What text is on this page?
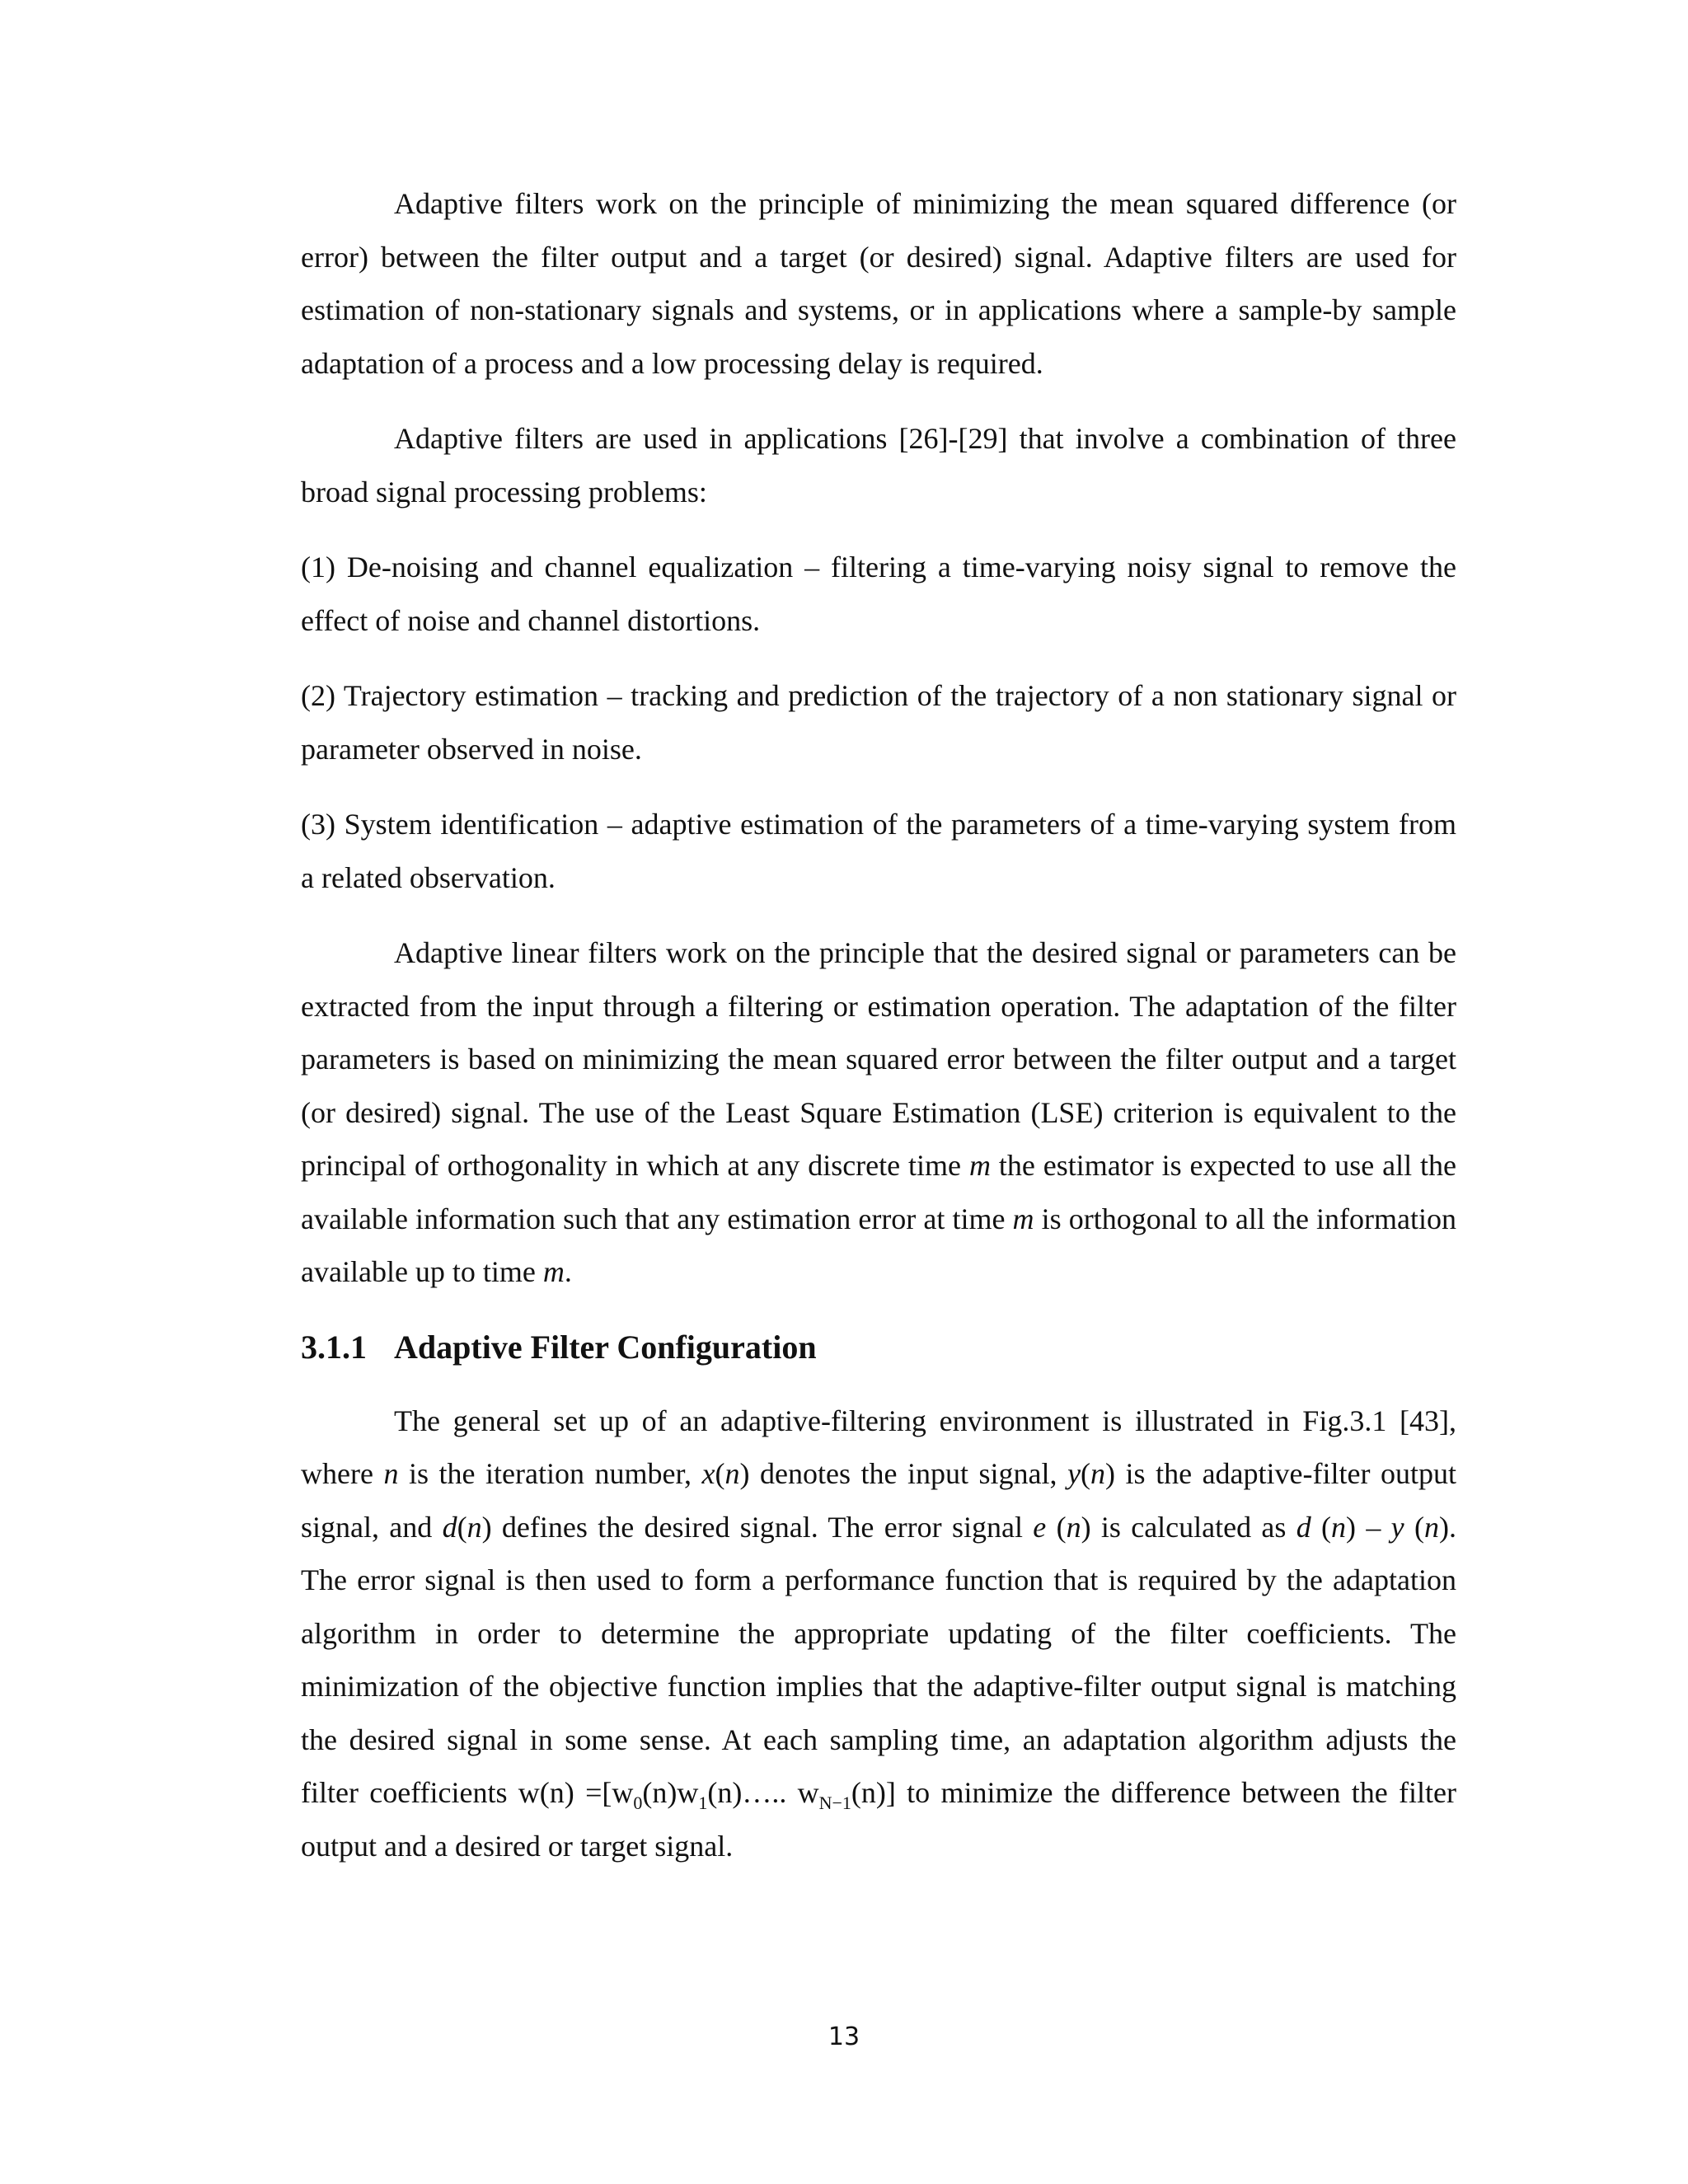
Adaptive filters work on the principle of minimizing the mean squared difference (or error) between the filter output and a target (or desired) signal. Adaptive filters are used for estimation of non-stationary signals and systems, or in applications where a sample-by sample adaptation of a process and a low processing delay is required.

Adaptive filters are used in applications [26]-[29] that involve a combination of three broad signal processing problems:

(1) De-noising and channel equalization – filtering a time-varying noisy signal to remove the effect of noise and channel distortions.

(2) Trajectory estimation – tracking and prediction of the trajectory of a non stationary signal or parameter observed in noise.

(3) System identification – adaptive estimation of the parameters of a time-varying system from a related observation.

Adaptive linear filters work on the principle that the desired signal or parameters can be extracted from the input through a filtering or estimation operation. The adaptation of the filter parameters is based on minimizing the mean squared error between the filter output and a target (or desired) signal. The use of the Least Square Estimation (LSE) criterion is equivalent to the principal of orthogonality in which at any discrete time m the estimator is expected to use all the available information such that any estimation error at time m is orthogonal to all the information available up to time m.

3.1.1 Adaptive Filter Configuration

The general set up of an adaptive-filtering environment is illustrated in Fig.3.1 [43], where n is the iteration number, x(n) denotes the input signal, y(n) is the adaptive-filter output signal, and d(n) defines the desired signal. The error signal e (n) is calculated as d (n) – y (n). The error signal is then used to form a performance function that is required by the adaptation algorithm in order to determine the appropriate updating of the filter coefficients. The minimization of the objective function implies that the adaptive-filter output signal is matching the desired signal in some sense. At each sampling time, an adaptation algorithm adjusts the filter coefficients $w(n) =[w_0(n)w_1(n)\dots$.. $w_{N-1}(n)$] to minimize the difference between the filter output and a desired or target signal.

13
